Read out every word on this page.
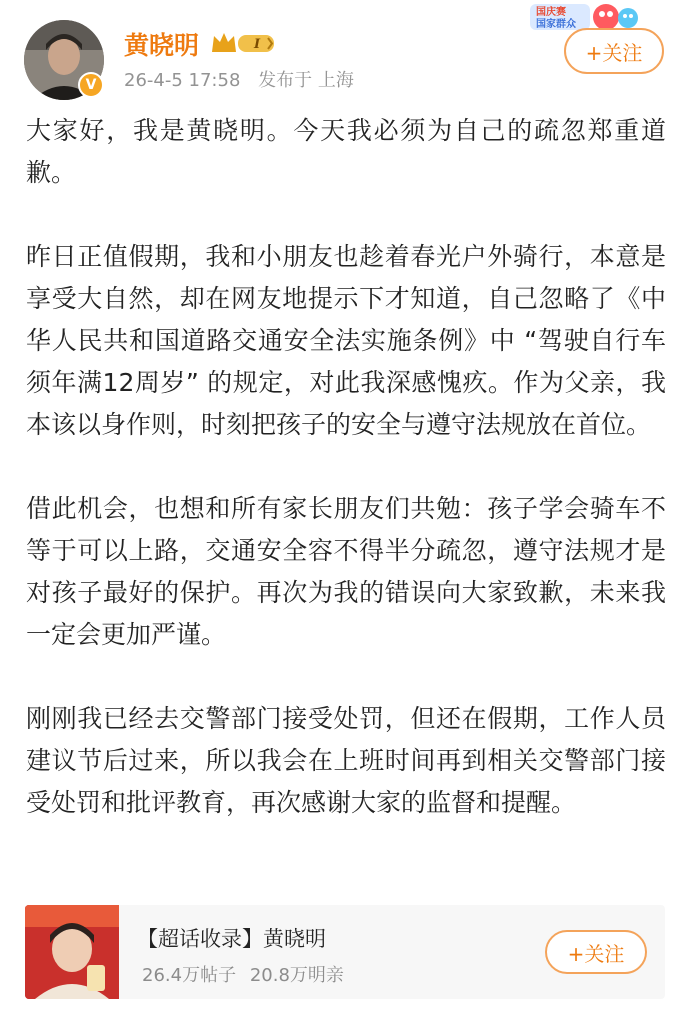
V
黄晓明	I
26-4-5 17:58 发布于 上海
国庆赛
国家群众
+关注

大家好，我是黄晓明。今天我必须为自己的疏忽郑重道歉。

昨日正值假期，我和小朋友也趁着春光户外骑行，本意是享受大自然，却在网友地提示下才知道，自己忽略了《中华人民共和国道路交通安全法实施条例》中 “驾驶自行车须年满12周岁” 的规定，对此我深感愧疚。作为父亲，我本该以身作则，时刻把孩子的安全与遵守法规放在首位。

借此机会，也想和所有家长朋友们共勉：孩子学会骑车不等于可以上路，交通安全容不得半分疏忽，遵守法规才是对孩子最好的保护。再次为我的错误向大家致歉，未来我一定会更加严谨。

刚刚我已经去交警部门接受处罚，但还在假期，工作人员建议节后过来，所以我会在上班时间再到相关交警部门接受处罚和批评教育，再次感谢大家的监督和提醒。

【超话收录】黄晓明
26.4万帖子 20.8万明亲
+关注
